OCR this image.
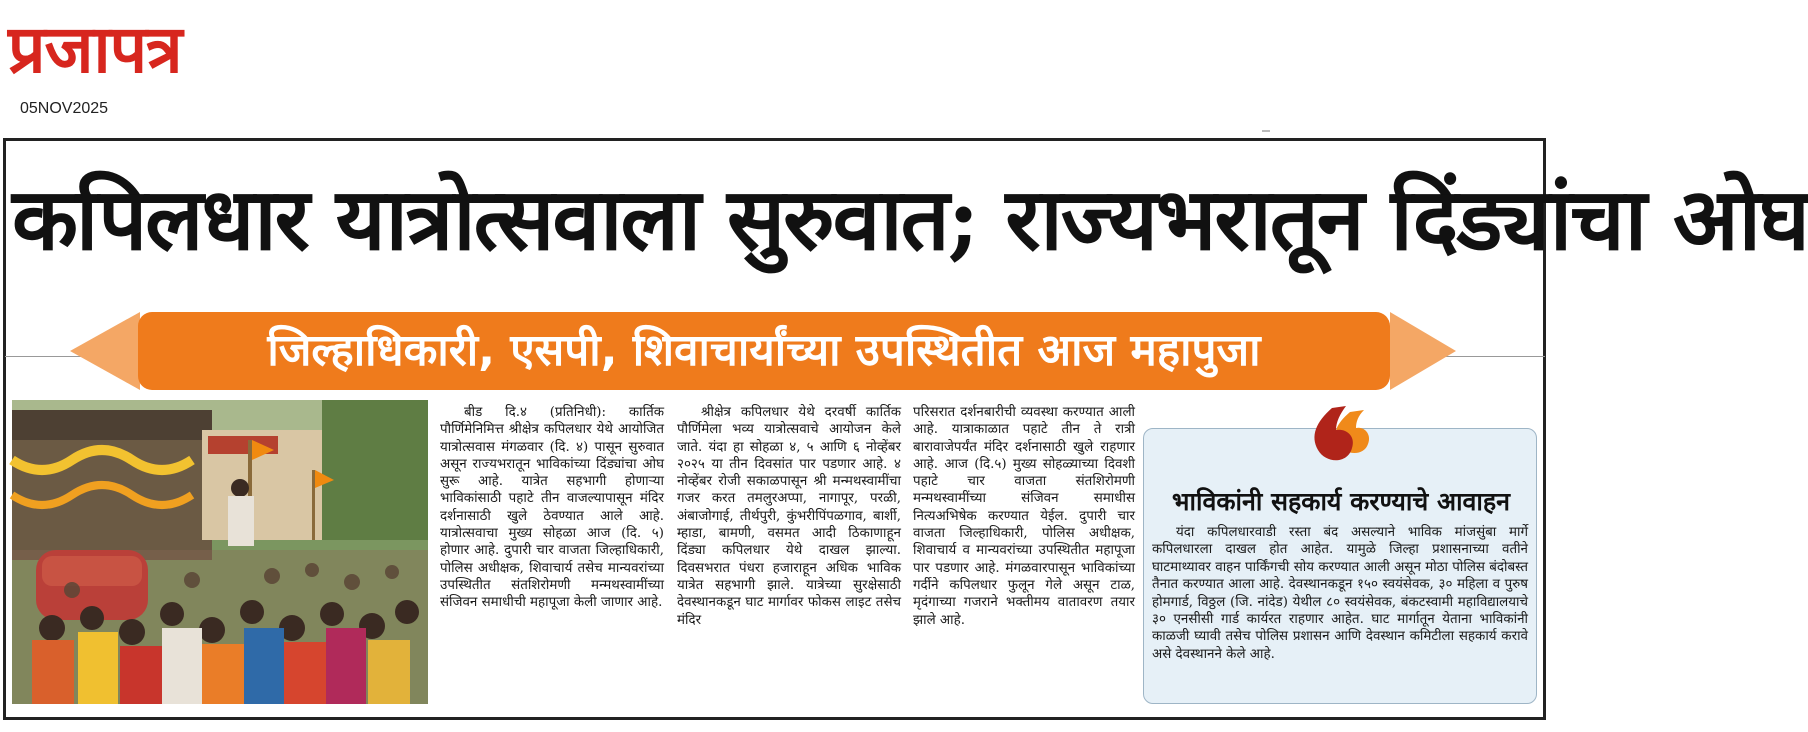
प्रजापत्र
05NOV2025
कपिलधार यात्रोत्सवाला सुरुवात; राज्यभरातून दिंड्यांचा ओघ
जिल्हाधिकारी, एसपी, शिवाचार्यांच्या उपस्थितीत आज महापुजा
बीड दि.४ (प्रतिनिधी): कार्तिक पौर्णिमेनिमित्त श्रीक्षेत्र कपिलधार येथे आयोजित यात्रोत्सवास मंगळवार (दि. ४) पासून सुरुवात असून राज्यभरातून भाविकांच्या दिंड्यांचा ओघ सुरू आहे. यात्रेत सहभागी होणाऱ्या भाविकांसाठी पहाटे तीन वाजल्यापासून मंदिर दर्शनासाठी खुले ठेवण्यात आले आहे. यात्रोत्सवाचा मुख्य सोहळा आज (दि. ५) होणार आहे. दुपारी चार वाजता जिल्हाधिकारी, पोलिस अधीक्षक, शिवाचार्य तसेच मान्यवरांच्या उपस्थितीत संतशिरोमणी मन्मथस्वामींच्या संजिवन समाधीची महापूजा केली जाणार आहे.
श्रीक्षेत्र कपिलधार येथे दरवर्षी कार्तिक पौर्णिमेला भव्य यात्रोत्सवाचे आयोजन केले जाते. यंदा हा सोहळा ४, ५ आणि ६ नोव्हेंबर २०२५ या तीन दिवसांत पार पडणार आहे. ४ नोव्हेंबर रोजी सकाळपासून श्री मन्मथस्वामींचा गजर करत तमलुरअप्पा, नागापूर, परळी, अंबाजोगाई, तीर्थपुरी, कुंभरीपिंपळगाव, बार्शी, म्हाडा, बामणी, वसमत आदी ठिकाणाहून दिंड्या कपिलधार येथे दाखल झाल्या. दिवसभरात पंधरा हजाराहून अधिक भाविक यात्रेत सहभागी झाले. यात्रेच्या सुरक्षेसाठी देवस्थानकडून घाट मार्गावर फोकस लाइट तसेच मंदिर
परिसरात दर्शनबारीची व्यवस्था करण्यात आली आहे. यात्राकाळात पहाटे तीन ते रात्री बारावाजेपर्यंत मंदिर दर्शनासाठी खुले राहणार आहे. आज (दि.५) मुख्य सोहळ्याच्या दिवशी पहाटे चार वाजता संतशिरोमणी मन्मथस्वामींच्या संजिवन समाधीस नित्यअभिषेक करण्यात येईल. दुपारी चार वाजता जिल्हाधिकारी, पोलिस अधीक्षक, शिवाचार्य व मान्यवरांच्या उपस्थितीत महापूजा पार पडणार आहे. मंगळवारपासून भाविकांच्या गर्दीने कपिलधार फुलून गेले असून टाळ, मृदंगाच्या गजराने भक्तीमय वातावरण तयार झाले आहे.
भाविकांनी सहकार्य करण्याचे आवाहन
यंदा कपिलधारवाडी रस्ता बंद असल्याने भाविक मांजसुंबा मार्गे कपिलधारला दाखल होत आहेत. यामुळे जिल्हा प्रशासनाच्या वतीने घाटमाथ्यावर वाहन पार्किंगची सोय करण्यात आली असून मोठा पोलिस बंदोबस्त तैनात करण्यात आला आहे. देवस्थानकडून १५० स्वयंसेवक, ३० महिला व पुरुष होमगार्ड, विठ्ठल (जि. नांदेड) येथील ८० स्वयंसेवक, बंकटस्वामी महाविद्यालयाचे ३० एनसीसी गार्ड कार्यरत राहणार आहेत. घाट मार्गातून येताना भाविकांनी काळजी घ्यावी तसेच पोलिस प्रशासन आणि देवस्थान कमिटीला सहकार्य करावे असे देवस्थानने केले आहे.
